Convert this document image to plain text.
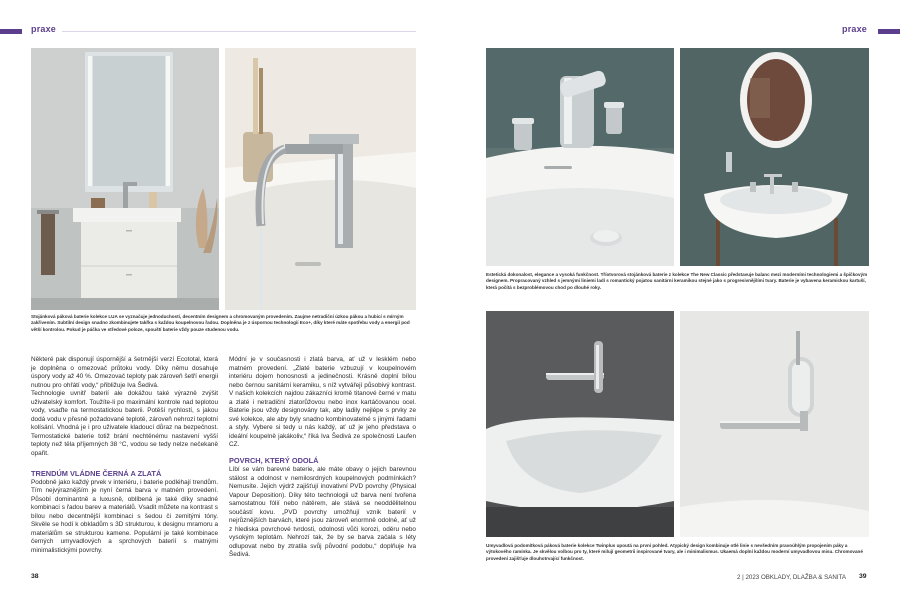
praxe	praxe
Stojánková páková baterie kolekce LUA se vyznačuje jednoduchostí, decentním designem a chromovaným provedením. Zaujme netradiční úzkou pákou a hubicí s mírným zakřivením. Subtilní design snadno zkombinujete takřka s každou koupelnovou řadou. Doplněna je z úspornou technologií Eco+, díky které máte spotřebu vody a energií pod větší kontrolou. Pokud je páčka ve středové poloze, spouští baterie vždy pouze studenou vodu.

Některé pak disponují úspornější a šetrnější verzí Ecototal, která je doplněna o omezovač průtoku vody. Díky němu dosahuje úspory vody až 40 %. Omezovač teploty pak zároveň šetří energii nutnou pro ohřátí vody,“ přibližuje Iva Šedivá.

Technologie uvnitř baterií ale dokážou také výrazně zvýšit uživatelský komfort. Toužíte-li po maximální kontrole nad teplotou vody, vsaďte na termostatickou baterii. Potěší rychlostí, s jakou dodá vodu v přesně požadované teplotě, zároveň nehrozí teplotní kolísání. Vhodná je i pro uživatele kladoucí důraz na bezpečnost. Termostatické baterie totiž brání nechtěnému nastavení vyšší teploty než těla příjemných 38 °C, vodou se tedy nelze nečekaně opařit.

TRENDÚM VLÁDNE ČERNÁ A ZLATÁ

Podobně jako každý prvek v interiéru, i baterie podléhají trendům. Tím nejvýraznějším je nyní černá barva v matném provedení. Působí dominantně a luxusně, oblíbená je také díky snadné kombinaci s řadou barev a materiálů. Vsadit můžete na kontrast s bílou nebo decentnější kombinaci s šedou či zemitými tóny. Skvěle se hodí k obkladům s 3D strukturou, k designu mramoru a materiálům se strukturou kamene. Populární je také kombinace černých umyvadlových a sprchových baterií s matnými minimalistickými povrchy.

Módní je v současnosti i zlatá barva, ať už v lesklém nebo matném provedení. „Zlaté baterie vzbuzují v koupelnovém interiéru dojem honosnosti a jedinečnosti. Krásně doplní bílou nebo černou sanitární keramiku, s níž vytvářejí působivý kontrast. V našich kolekcích najdou zákazníci kromě titanové černé v matu a zlaté i netradiční zlatorůžovou nebo inox kartáčovanou ocel. Baterie jsou vždy designovány tak, aby ladily nejlépe s prvky ze své kolekce, ale aby byly snadno kombinovatelné s jinými řadami a styly. Vybere si tedy u nás každý, ať už je jeho představa o ideální koupelně jakákoliv,“ říká Iva Šedivá ze společnosti Laufen CZ.

POVRCH, KTERÝ ODOLÁ

Líbí se vám barevné baterie, ale máte obavy o jejich barevnou stálost a odolnost v nemilosrdných koupelnových podmínkách? Nemusíte. Jejich výdrž zajišťují inovativní PVD povrchy (Physical Vapour Deposition). Díky této technologii už barva není tvořena samostatnou fólií nebo nátěrem, ale stává se neoddělitelnou součástí kovu. „PVD povrchy umožňují vznik baterií v nejrůznějších barvách, které jsou zároveň enormně odolné, ať už z hlediska povrchové tvrdosti, odolnosti vůči korozi, oděru nebo vysokým teplotám. Nehrozí tak, že by se barva začala s léty odlupovat nebo by ztratila svůj původní podobu,“ doplňuje Iva Šedivá.

38
Estetická dokonalost, elegance a vysoká funkčnost. Tříotvorová stojánková baterie z kolekce The New Classic představuje balanc mezi moderními technologiemi a špičkovým designem. Propracovaný vzhled s jemnými liniemi ladí s romantický pojatou sanitární keramikou stejné jako s progresivnějšími tvary. Baterie je vybavena keramickou kartuší, která počítá s bezproblémovou chod po dlouhé roky.
Umyvadlová podomítková páková baterie kolekce Twinplus upoutá na první pohled. Atypický design kombinuje otlé linie s nevšedním pravoúhlým propojením páky a výtokového ramínka. Je skvělou volbou pro ty, které milují geometrii inspirované tvary, ale i minimalismus. Ukaemá doplní každou moderní umyvadlovou misu. Chromované provedení zajišťuje dlouhotrvající funkčnost.
2 | 2023 OBKLADY, DLAŽBA & SANITA 39
